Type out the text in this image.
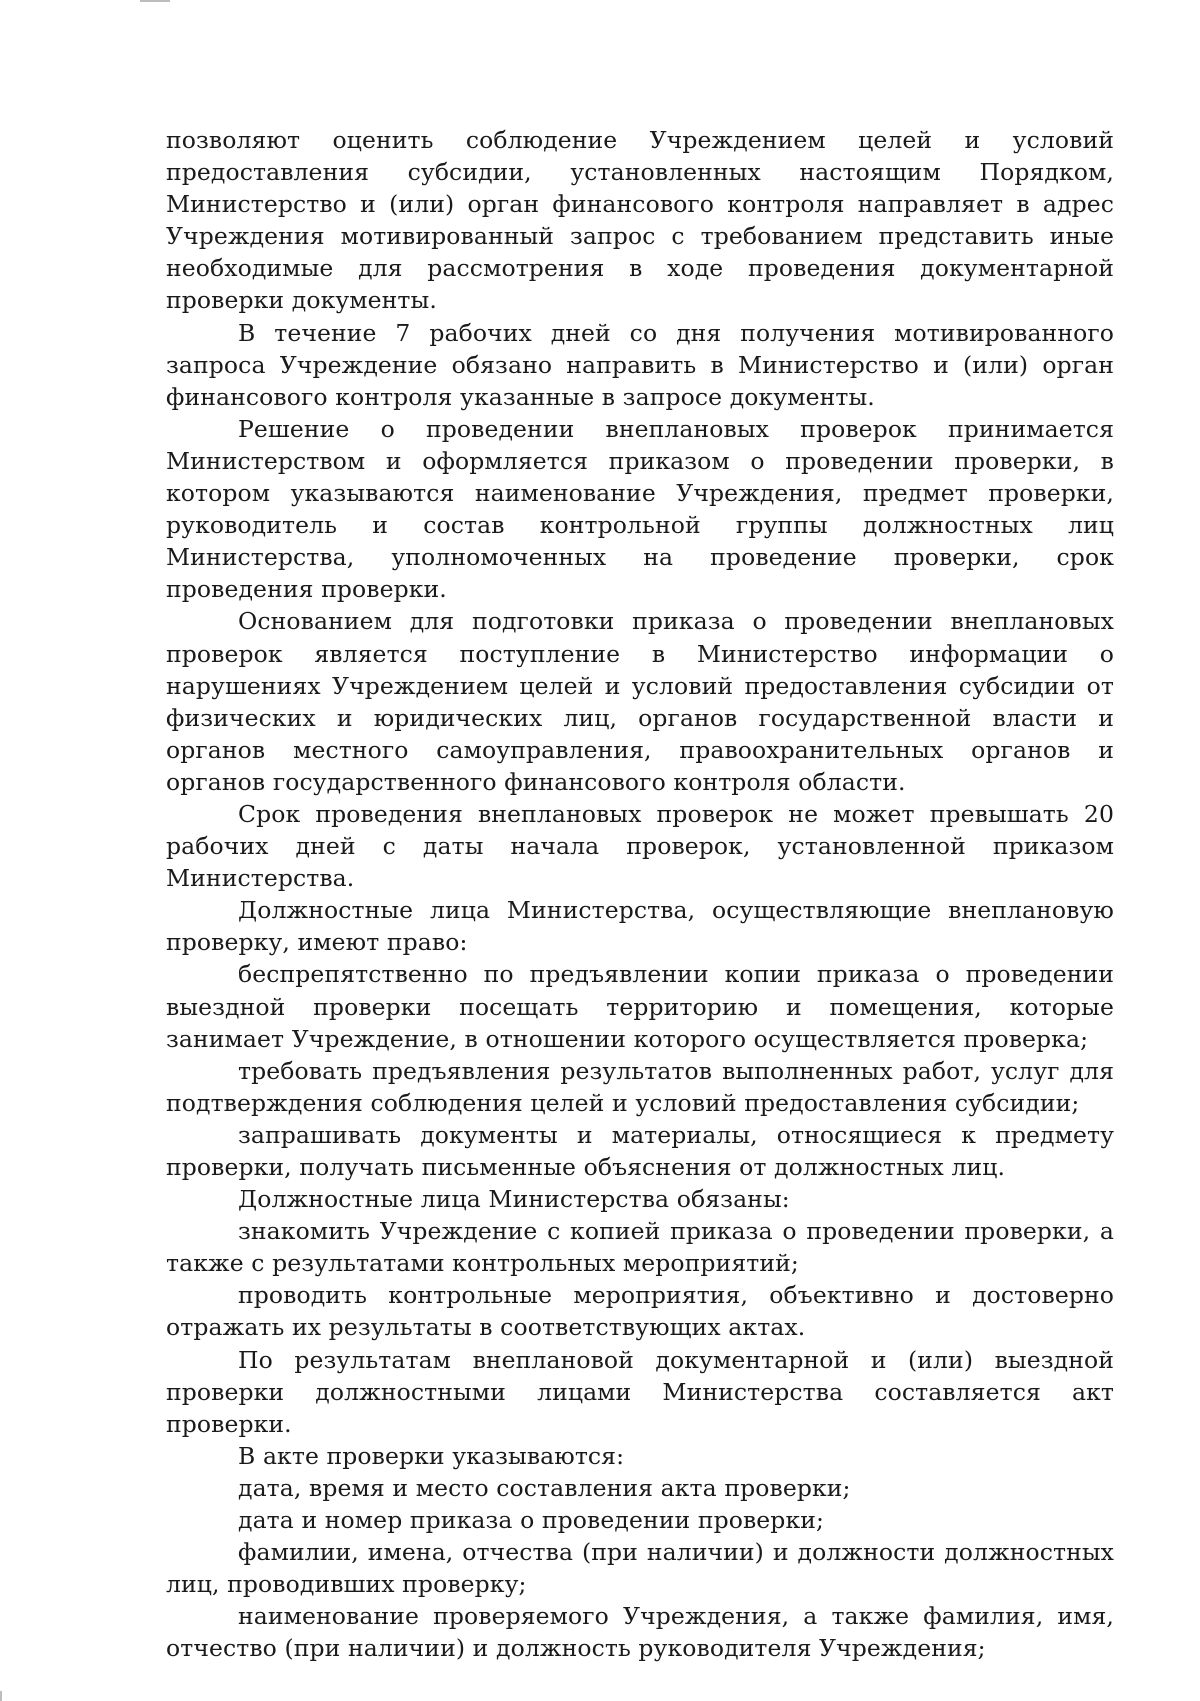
позволяют оценить соблюдение Учреждением целей и условий предоставления субсидии, установленных настоящим Порядком, Министерство и (или) орган финансового контроля направляет в адрес Учреждения мотивированный запрос с требованием представить иные необходимые для рассмотрения в ходе проведения документарной проверки документы.

В течение 7 рабочих дней со дня получения мотивированного запроса Учреждение обязано направить в Министерство и (или) орган финансового контроля указанные в запросе документы.

Решение о проведении внеплановых проверок принимается Министерством и оформляется приказом о проведении проверки, в котором указываются наименование Учреждения, предмет проверки, руководитель и состав контрольной группы должностных лиц Министерства, уполномоченных на проведение проверки, срок проведения проверки.

Основанием для подготовки приказа о проведении внеплановых проверок является поступление в Министерство информации о нарушениях Учреждением целей и условий предоставления субсидии от физических и юридических лиц, органов государственной власти и органов местного самоуправления, правоохранительных органов и органов государственного финансового контроля области.

Срок проведения внеплановых проверок не может превышать 20 рабочих дней с даты начала проверок, установленной приказом Министерства.

Должностные лица Министерства, осуществляющие внеплановую проверку, имеют право:

беспрепятственно по предъявлении копии приказа о проведении выездной проверки посещать территорию и помещения, которые занимает Учреждение, в отношении которого осуществляется проверка;

требовать предъявления результатов выполненных работ, услуг для подтверждения соблюдения целей и условий предоставления субсидии;

запрашивать документы и материалы, относящиеся к предмету проверки, получать письменные объяснения от должностных лиц.

Должностные лица Министерства обязаны:

знакомить Учреждение с копией приказа о проведении проверки, а также с результатами контрольных мероприятий;

проводить контрольные мероприятия, объективно и достоверно отражать их результаты в соответствующих актах.

По результатам внеплановой документарной и (или) выездной проверки должностными лицами Министерства составляется акт проверки.

В акте проверки указываются:

дата, время и место составления акта проверки;

дата и номер приказа о проведении проверки;

фамилии, имена, отчества (при наличии) и должности должностных лиц, проводивших проверку;

наименование проверяемого Учреждения, а также фамилия, имя, отчество (при наличии) и должность руководителя Учреждения;
